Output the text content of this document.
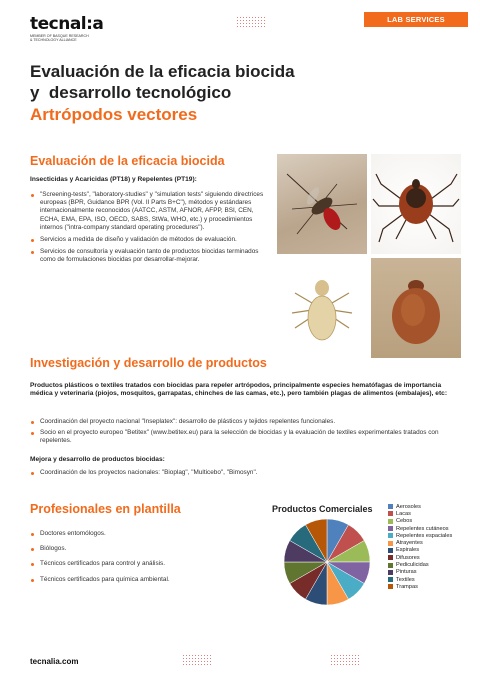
tecnal:a
MEMBER OF BASQUE RESEARCH & TECHNOLOGY ALLIANCE
LAB SERVICES
Evaluación de la eficacia biocida
y  desarrollo tecnológico
Artrópodos vectores
Evaluación de la eficacia biocida
Insecticidas y Acaricidas (PT18) y Repelentes (PT19):
"Screening-tests", "laboratory-studies" y "simulation tests" siguiendo directrices europeas (BPR, Guidance BPR (Vol. II Parts B+C"), métodos y estándares internacionalmente reconocidos (AATCC, ASTM, AFNOR, AFPP, BSI, CEN, ECHA, EMA, EPA, ISO, OECD, SABS, StWa, WHO, etc.) y procedimientos internos ("intra-company standard operating procedures").
Servicios a medida de diseño y validación de métodos de evaluación.
Servicios de consultoría y evaluación tanto de productos biocidas terminados como de formulaciones biocidas por desarrollar-mejorar.
Investigación y desarrollo de productos
Productos plásticos o textiles tratados con biocidas para repeler artrópodos, principalmente especies hematófagas de importancia médica y veterinaria (piojos, mosquitos, garrapatas, chinches de las camas, etc.), pero también plagas de alimentos (embalajes), etc:
Coordinación del proyecto nacional "Inseplatex": desarrollo de plásticos y tejidos repelentes funcionales.
Socio en el proyecto europeo "Betitex" (www.betitex.eu) para la selección de biocidas y la evaluación de textiles experimentales tratados con repelentes.
Mejora y desarrollo de productos biocidas:
Coordinación de los proyectos nacionales: "Bioplag", "Multicebo", "Bimosyn".
Profesionales en plantilla
Doctores entomólogos.
Biólogos.
Técnicos certificados para control y análisis.
Técnicos certificados para química ambiental.
Productos Comerciales	Aerosoles
Lacas
Cebos
Repelentes cutáneos
Repelentes espaciales
Atrayentes
Espirales
Difusores
Pediculicidas
Pinturas
Textiles
Trampas
tecnalia.com
